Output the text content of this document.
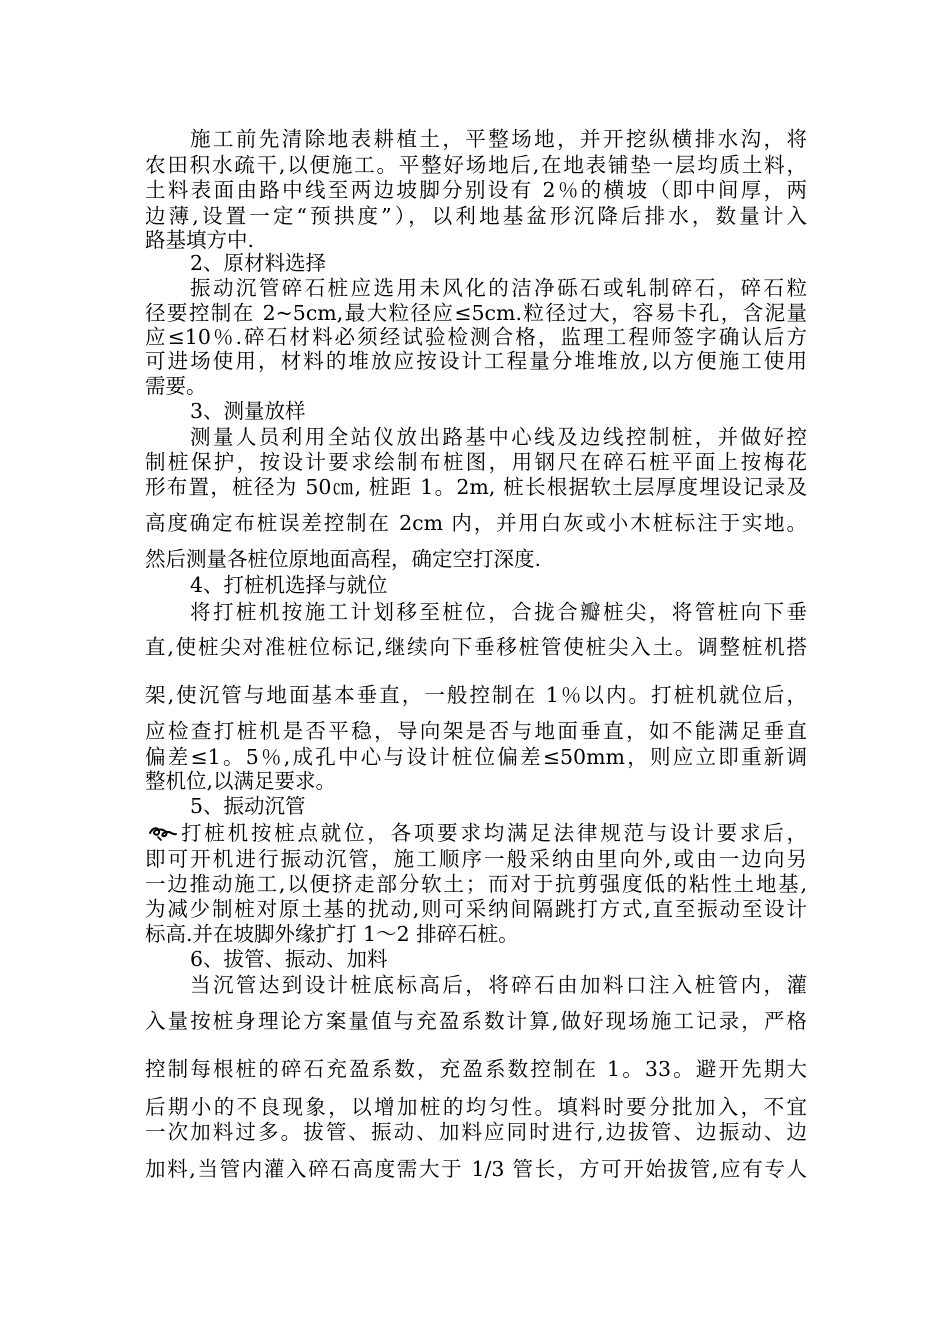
施工前先清除地表耕植土，平整场地，并开挖纵横排水沟，将
农田积水疏干,以便施工。平整好场地后,在地表铺垫一层均质土料，
土料表面由路中线至两边坡脚分别设有 2％的横坡（即中间厚，两
边薄,设置一定“预拱度”），以利地基盆形沉降后排水，数量计入
路基填方中.
2、原材料选择
振动沉管碎石桩应选用未风化的洁净砾石或轧制碎石，碎石粒
径要控制在 2~5cm,最大粒径应≤5cm.粒径过大，容易卡孔，含泥量
应≤10％.碎石材料必须经试验检测合格，监理工程师签字确认后方
可进场使用，材料的堆放应按设计工程量分堆堆放,以方便施工使用
需要。
3、测量放样
测量人员利用全站仪放出路基中心线及边线控制桩，并做好控
制桩保护，按设计要求绘制布桩图，用钢尺在碎石桩平面上按梅花
形布置，桩径为 50㎝, 桩距 1。2m, 桩长根据软土层厚度埋设记录及
高度确定布桩误差控制在 2cm 内，并用白灰或小木桩标注于实地。
然后测量各桩位原地面高程，确定空打深度.
4、打桩机选择与就位
将打桩机按施工计划移至桩位，合拢合瓣桩尖，将管桩向下垂
直,使桩尖对准桩位标记,继续向下垂移桩管使桩尖入土。调整桩机搭
架,使沉管与地面基本垂直，一般控制在 1％以内。打桩机就位后，
应检查打桩机是否平稳，导向架是否与地面垂直，如不能满足垂直
偏差≤1。5％,成孔中心与设计桩位偏差≤50mm，则应立即重新调
整机位,以满足要求。
5、振动沉管
打桩机按桩点就位，各项要求均满足法律规范与设计要求后，
即可开机进行振动沉管，施工顺序一般采纳由里向外,或由一边向另
一边推动施工,以便挤走部分软土；而对于抗剪强度低的粘性土地基,
为减少制桩对原土基的扰动,则可采纳间隔跳打方式,直至振动至设计
标高.并在坡脚外缘扩打 1～2 排碎石桩。
6、拔管、振动、加料
当沉管达到设计桩底标高后，将碎石由加料口注入桩管内，灌
入量按桩身理论方案量值与充盈系数计算,做好现场施工记录，严格
控制每根桩的碎石充盈系数，充盈系数控制在 1。33。避开先期大
后期小的不良现象，以增加桩的均匀性。填料时要分批加入，不宜
一次加料过多。拔管、振动、加料应同时进行,边拔管、边振动、边
加料,当管内灌入碎石高度需大于 1/3 管长，方可开始拔管,应有专人
